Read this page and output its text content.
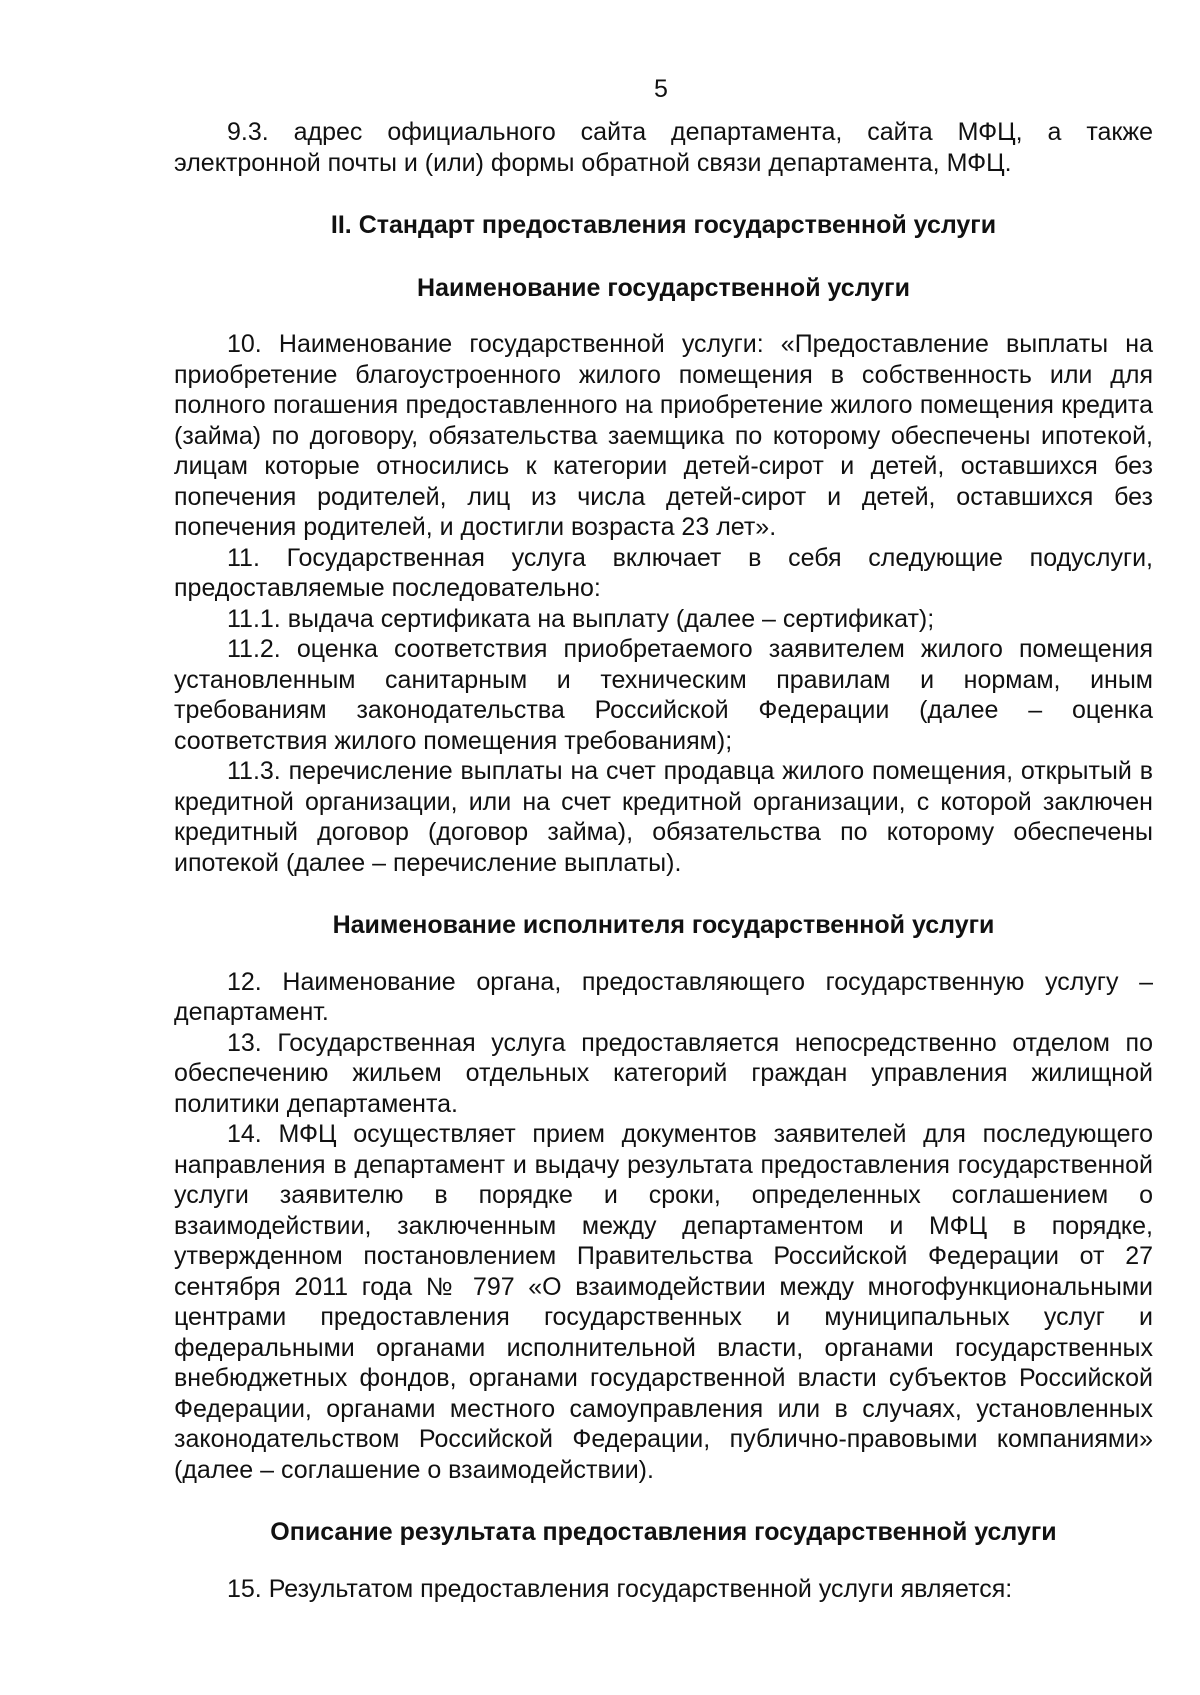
5

9.3. адрес официального сайта департамента, сайта МФЦ, а также электронной почты и (или) формы обратной связи департамента, МФЦ.

II. Стандарт предоставления государственной услуги

Наименование государственной услуги

10. Наименование государственной услуги: «Предоставление выплаты на приобретение благоустроенного жилого помещения в собственность или для полного погашения предоставленного на приобретение жилого помещения кредита (займа) по договору, обязательства заемщика по которому обеспечены ипотекой, лицам которые относились к категории детей-сирот и детей, оставшихся без попечения родителей, лиц из числа детей-сирот и детей, оставшихся без попечения родителей, и достигли возраста 23 лет».

11. Государственная услуга включает в себя следующие подуслуги, предоставляемые последовательно:

11.1. выдача сертификата на выплату (далее – сертификат);

11.2. оценка соответствия приобретаемого заявителем жилого помещения установленным санитарным и техническим правилам и нормам, иным требованиям законодательства Российской Федерации (далее – оценка соответствия жилого помещения требованиям);

11.3. перечисление выплаты на счет продавца жилого помещения, открытый в кредитной организации, или на счет кредитной организации, с которой заключен кредитный договор (договор займа), обязательства по которому обеспечены ипотекой (далее – перечисление выплаты).

Наименование исполнителя государственной услуги

12. Наименование органа, предоставляющего государственную услугу – департамент.

13. Государственная услуга предоставляется непосредственно отделом по обеспечению жильем отдельных категорий граждан управления жилищной политики департамента.

14. МФЦ осуществляет прием документов заявителей для последующего направления в департамент и выдачу результата предоставления государственной услуги заявителю в порядке и сроки, определенных соглашением о взаимодействии, заключенным между департаментом и МФЦ в порядке, утвержденном постановлением Правительства Российской Федерации от 27 сентября 2011 года № 797 «О взаимодействии между многофункциональными центрами предоставления государственных и муниципальных услуг и федеральными органами исполнительной власти, органами государственных внебюджетных фондов, органами государственной власти субъектов Российской Федерации, органами местного самоуправления или в случаях, установленных законодательством Российской Федерации, публично-правовыми компаниями» (далее – соглашение о взаимодействии).

Описание результата предоставления государственной услуги

15. Результатом предоставления государственной услуги является:
